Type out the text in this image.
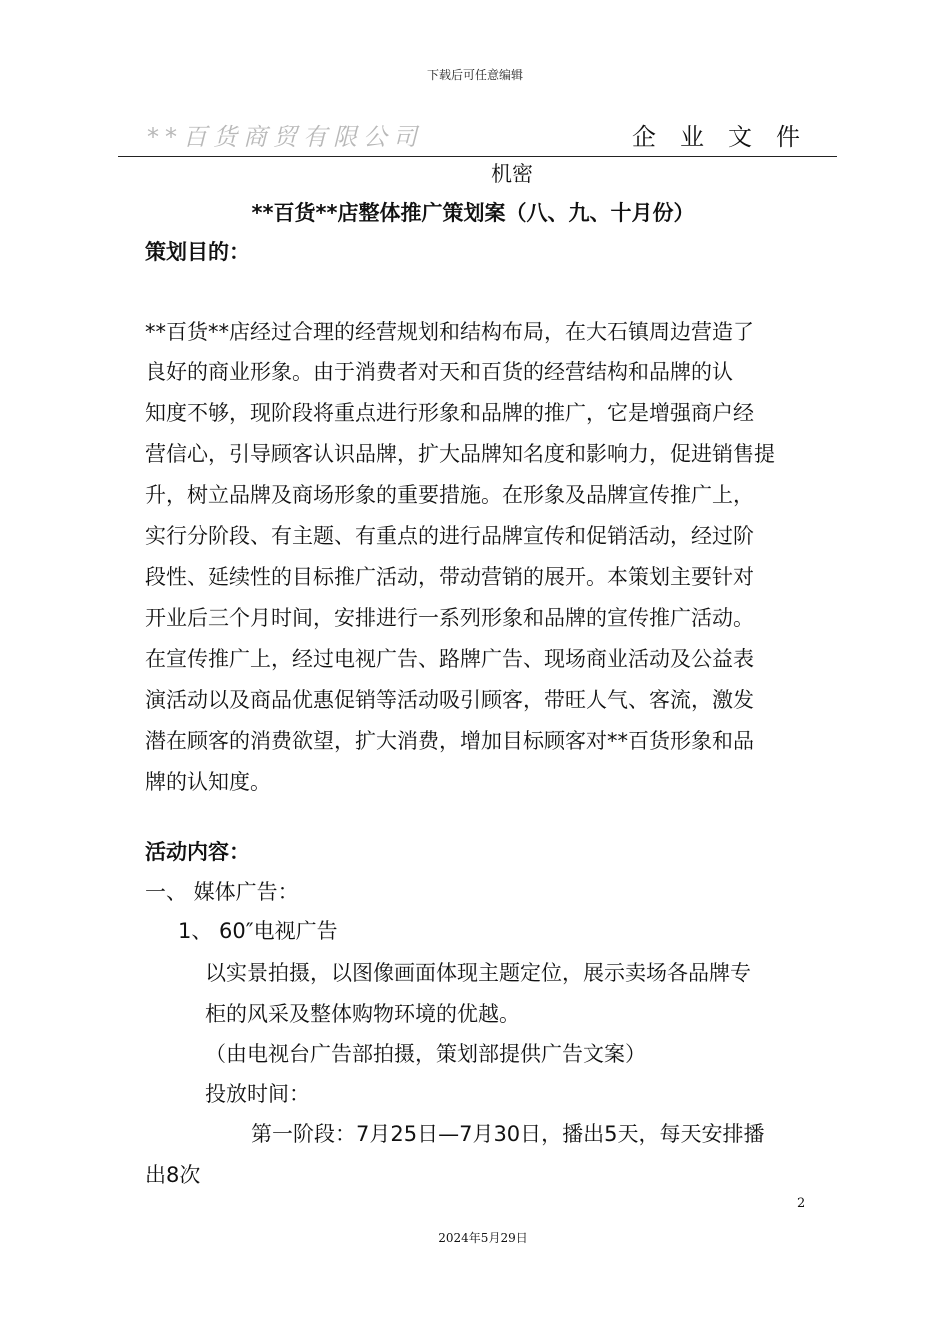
下载后可任意编辑
**百货商贸有限公司	企业文件
机密
**百货**店整体推广策划案（八、九、十月份）
策划目的：
**百货**店经过合理的经营规划和结构布局，在大石镇周边营造了
良好的商业形象。由于消费者对天和百货的经营结构和品牌的认
知度不够，现阶段将重点进行形象和品牌的推广，它是增强商户经
营信心，引导顾客认识品牌，扩大品牌知名度和影响力，促进销售提
升，树立品牌及商场形象的重要措施。在形象及品牌宣传推广上，
实行分阶段、有主题、有重点的进行品牌宣传和促销活动，经过阶
段性、延续性的目标推广活动，带动营销的展开。本策划主要针对
开业后三个月时间，安排进行一系列形象和品牌的宣传推广活动。
在宣传推广上，经过电视广告、路牌广告、现场商业活动及公益表
演活动以及商品优惠促销等活动吸引顾客，带旺人气、客流，激发
潜在顾客的消费欲望，扩大消费，增加目标顾客对**百货形象和品
牌的认知度。
活动内容：
一、 媒体广告：
1、 60″电视广告
以实景拍摄，以图像画面体现主题定位，展示卖场各品牌专
柜的风采及整体购物环境的优越。
（由电视台广告部拍摄，策划部提供广告文案）
投放时间：
第一阶段：7月25日—7月30日，播出5天，每天安排播
出8次
2
2024年5月29日
